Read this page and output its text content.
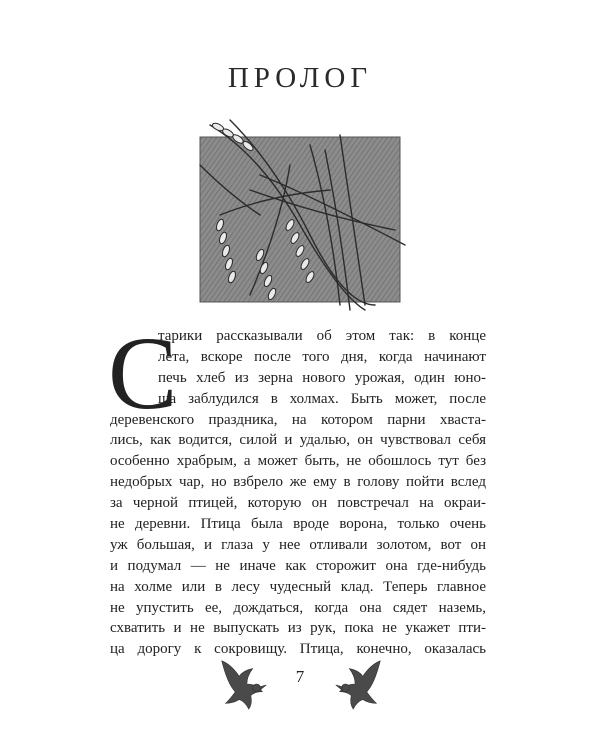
ПРОЛОГ
С
тарики рассказывали об этом так: в конце
лета, вскоре после того дня, когда начинают
печь хлеб из зерна нового урожая, один юно-
ша заблудился в холмах. Быть может, после
деревенского праздника, на котором парни хваста-
лись, как водится, силой и удалью, он чувствовал себя
особенно храбрым, а может быть, не обошлось тут без
недобрых чар, но взбрело же ему в голову пойти вслед
за черной птицей, которую он повстречал на окраи-
не деревни. Птица была вроде ворона, только очень
уж большая, и глаза у нее отливали золотом, вот он
и подумал — не иначе как сторожит она где-нибудь
на холме или в лесу чудесный клад. Теперь главное
не упустить ее, дождаться, когда она сядет наземь,
схватить и не выпускать из рук, пока не укажет пти-
ца дорогу к сокровищу. Птица, конечно, оказалась
7
